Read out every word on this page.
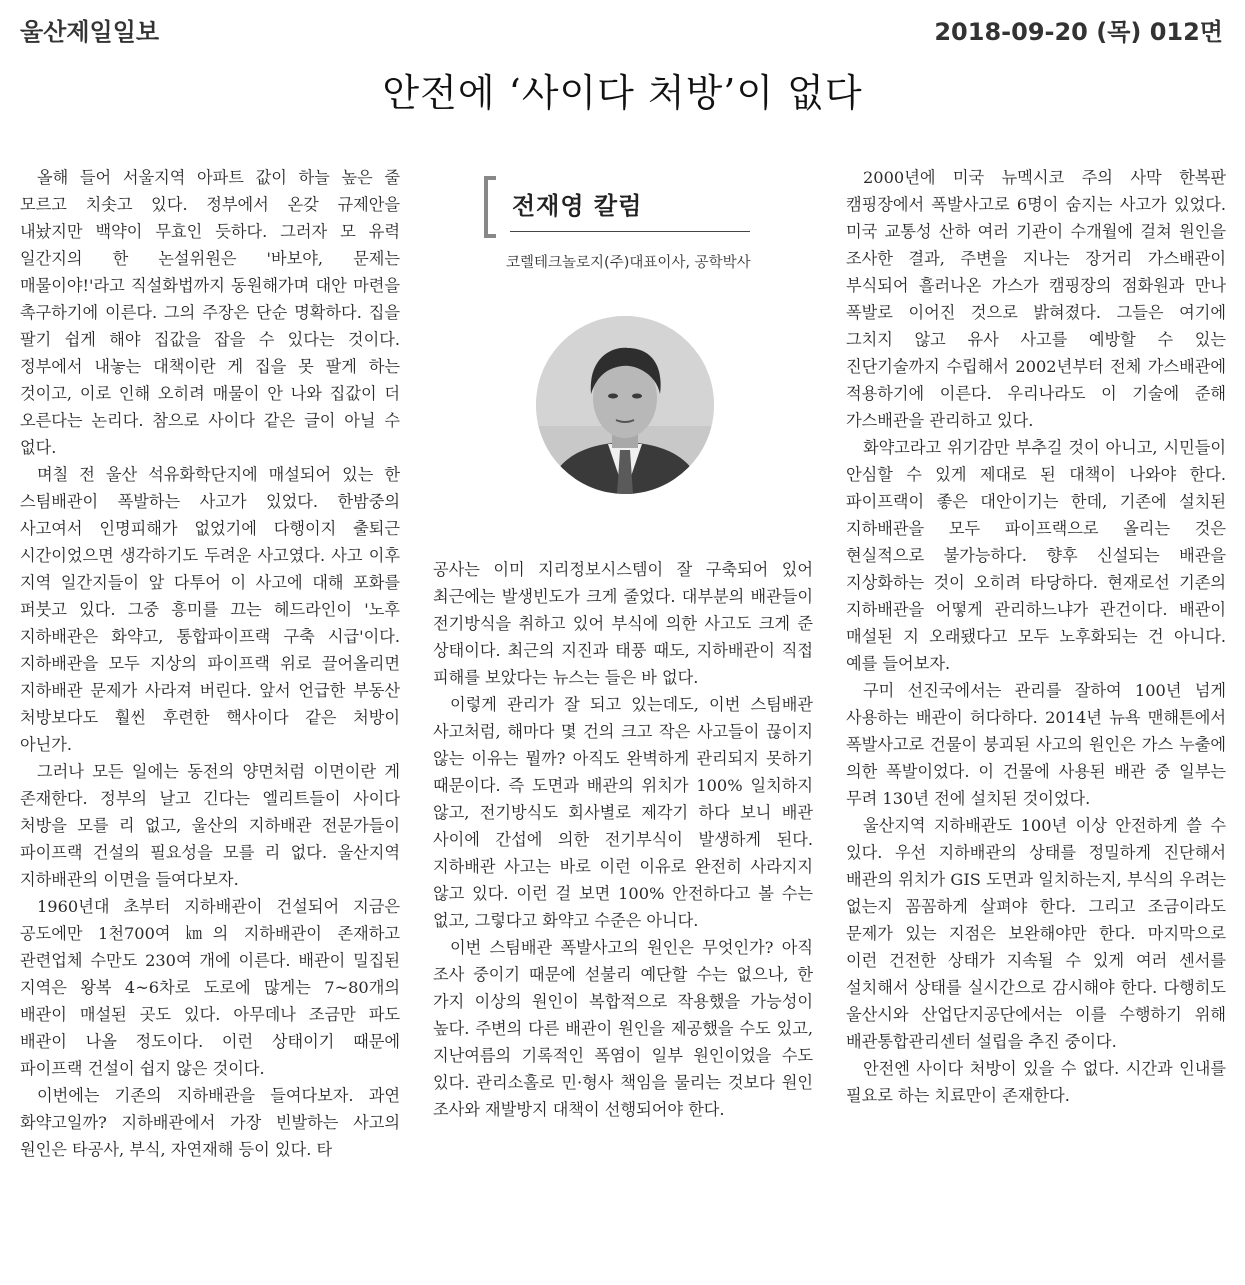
울산제일일보	2018-09-20 (목) 012면
안전에 ‘사이다 처방’이 없다

올해 들어 서울지역 아파트 값이 하늘 높은 줄 모르고 치솟고 있다. 정부에서 온갖 규제안을 내놨지만 백약이 무효인 듯하다. 그러자 모 유력 일간지의 한 논설위원은 '바보야, 문제는 매물이야!'라고 직설화법까지 동원해가며 대안 마련을 촉구하기에 이른다. 그의 주장은 단순 명확하다. 집을 팔기 쉽게 해야 집값을 잡을 수 있다는 것이다. 정부에서 내놓는 대책이란 게 집을 못 팔게 하는 것이고, 이로 인해 오히려 매물이 안 나와 집값이 더 오른다는 논리다. 참으로 사이다 같은 글이 아닐 수 없다.

며칠 전 울산 석유화학단지에 매설되어 있는 한 스팀배관이 폭발하는 사고가 있었다. 한밤중의 사고여서 인명피해가 없었기에 다행이지 출퇴근 시간이었으면 생각하기도 두려운 사고였다. 사고 이후 지역 일간지들이 앞 다투어 이 사고에 대해 포화를 퍼붓고 있다. 그중 흥미를 끄는 헤드라인이 '노후 지하배관은 화약고, 통합파이프랙 구축 시급'이다. 지하배관을 모두 지상의 파이프랙 위로 끌어올리면 지하배관 문제가 사라져 버린다. 앞서 언급한 부동산 처방보다도 훨씬 후련한 핵사이다 같은 처방이 아닌가.

그러나 모든 일에는 동전의 양면처럼 이면이란 게 존재한다. 정부의 날고 긴다는 엘리트들이 사이다 처방을 모를 리 없고, 울산의 지하배관 전문가들이 파이프랙 건설의 필요성을 모를 리 없다. 울산지역 지하배관의 이면을 들여다보자.

1960년대 초부터 지하배관이 건설되어 지금은 공도에만 1천700여 ㎞의 지하배관이 존재하고 관련업체 수만도 230여 개에 이른다. 배관이 밀집된 지역은 왕복 4~6차로 도로에 많게는 7~80개의 배관이 매설된 곳도 있다. 아무데나 조금만 파도 배관이 나올 정도이다. 이런 상태이기 때문에 파이프랙 건설이 쉽지 않은 것이다.

이번에는 기존의 지하배관을 들여다보자. 과연 화약고일까? 지하배관에서 가장 빈발하는 사고의 원인은 타공사, 부식, 자연재해 등이 있다. 타

전재영 칼럼
코렐테크놀로지(주)대표이사, 공학박사

공사는 이미 지리정보시스템이 잘 구축되어 있어 최근에는 발생빈도가 크게 줄었다. 대부분의 배관들이 전기방식을 취하고 있어 부식에 의한 사고도 크게 준 상태이다. 최근의 지진과 태풍 때도, 지하배관이 직접 피해를 보았다는 뉴스는 들은 바 없다.

이렇게 관리가 잘 되고 있는데도, 이번 스팀배관 사고처럼, 해마다 몇 건의 크고 작은 사고들이 끊이지 않는 이유는 뭘까? 아직도 완벽하게 관리되지 못하기 때문이다. 즉 도면과 배관의 위치가 100% 일치하지 않고, 전기방식도 회사별로 제각기 하다 보니 배관 사이에 간섭에 의한 전기부식이 발생하게 된다. 지하배관 사고는 바로 이런 이유로 완전히 사라지지 않고 있다. 이런 걸 보면 100% 안전하다고 볼 수는 없고, 그렇다고 화약고 수준은 아니다.

이번 스팀배관 폭발사고의 원인은 무엇인가? 아직 조사 중이기 때문에 섣불리 예단할 수는 없으나, 한 가지 이상의 원인이 복합적으로 작용했을 가능성이 높다. 주변의 다른 배관이 원인을 제공했을 수도 있고, 지난여름의 기록적인 폭염이 일부 원인이었을 수도 있다. 관리소홀로 민·형사 책임을 물리는 것보다 원인 조사와 재발방지 대책이 선행되어야 한다.

2000년에 미국 뉴멕시코 주의 사막 한복판 캠핑장에서 폭발사고로 6명이 숨지는 사고가 있었다. 미국 교통성 산하 여러 기관이 수개월에 걸쳐 원인을 조사한 결과, 주변을 지나는 장거리 가스배관이 부식되어 흘러나온 가스가 캠핑장의 점화원과 만나 폭발로 이어진 것으로 밝혀졌다. 그들은 여기에 그치지 않고 유사 사고를 예방할 수 있는 진단기술까지 수립해서 2002년부터 전체 가스배관에 적용하기에 이른다. 우리나라도 이 기술에 준해 가스배관을 관리하고 있다.

화약고라고 위기감만 부추길 것이 아니고, 시민들이 안심할 수 있게 제대로 된 대책이 나와야 한다. 파이프랙이 좋은 대안이기는 한데, 기존에 설치된 지하배관을 모두 파이프랙으로 올리는 것은 현실적으로 불가능하다. 향후 신설되는 배관을 지상화하는 것이 오히려 타당하다. 현재로선 기존의 지하배관을 어떻게 관리하느냐가 관건이다. 배관이 매설된 지 오래됐다고 모두 노후화되는 건 아니다. 예를 들어보자.

구미 선진국에서는 관리를 잘하여 100년 넘게 사용하는 배관이 허다하다. 2014년 뉴욕 맨해튼에서 폭발사고로 건물이 붕괴된 사고의 원인은 가스 누출에 의한 폭발이었다. 이 건물에 사용된 배관 중 일부는 무려 130년 전에 설치된 것이었다.

울산지역 지하배관도 100년 이상 안전하게 쓸 수 있다. 우선 지하배관의 상태를 정밀하게 진단해서 배관의 위치가 GIS 도면과 일치하는지, 부식의 우려는 없는지 꼼꼼하게 살펴야 한다. 그리고 조금이라도 문제가 있는 지점은 보완해야만 한다. 마지막으로 이런 건전한 상태가 지속될 수 있게 여러 센서를 설치해서 상태를 실시간으로 감시해야 한다. 다행히도 울산시와 산업단지공단에서는 이를 수행하기 위해 배관통합관리센터 설립을 추진 중이다.

안전엔 사이다 처방이 있을 수 없다. 시간과 인내를 필요로 하는 치료만이 존재한다.
